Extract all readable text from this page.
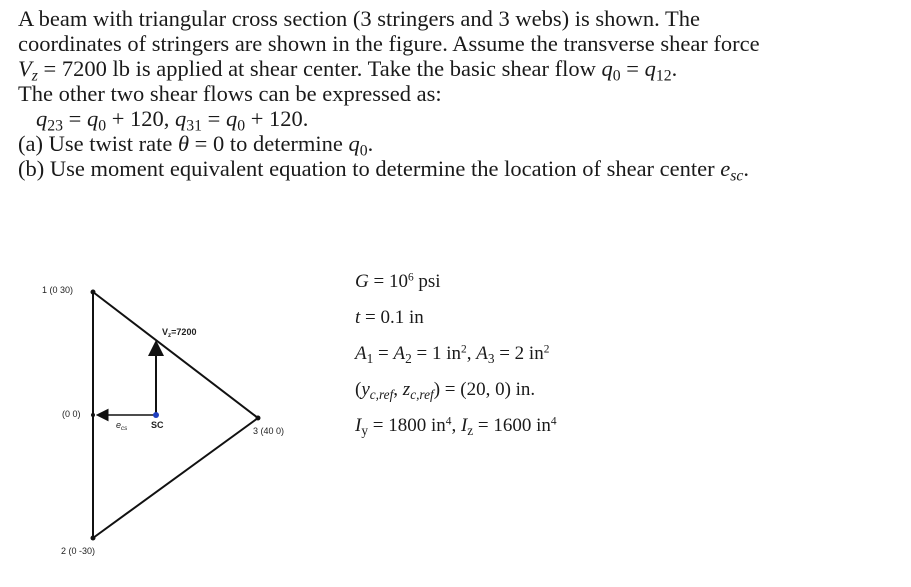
A beam with triangular cross section (3 stringers and 3 webs) is shown. The

coordinates of stringers are shown in the figure. Assume the transverse shear force

$V_z = 7200$ lb is applied at shear center. Take the basic shear flow $q_0 = q_{12}$.

The other two shear flows can be expressed as:

$q_{23} = q_0 + 120$, $q_{31} = q_0 + 120$.

(a) Use twist rate θ = 0 to determine $q_0$.

(b) Use moment equivalent equation to determine the location of shear center $e_{sc}$.

1 (0 30)
(0 0)
2 (0 -30)
3 (40 0)
$V_z=7200$
$e_{cs}$	SC

$G = 10^6$ psi

t = 0.1 in

$A_1 = A_2 = 1$ $in^2$, $A_3 = 2$ $in^2$

($y_{c,ref}$, $z_{c,ref}) = (20$, 0) in.

$I_y = 1800$ $in^4$, $I_z = 1600$ $in^4$
